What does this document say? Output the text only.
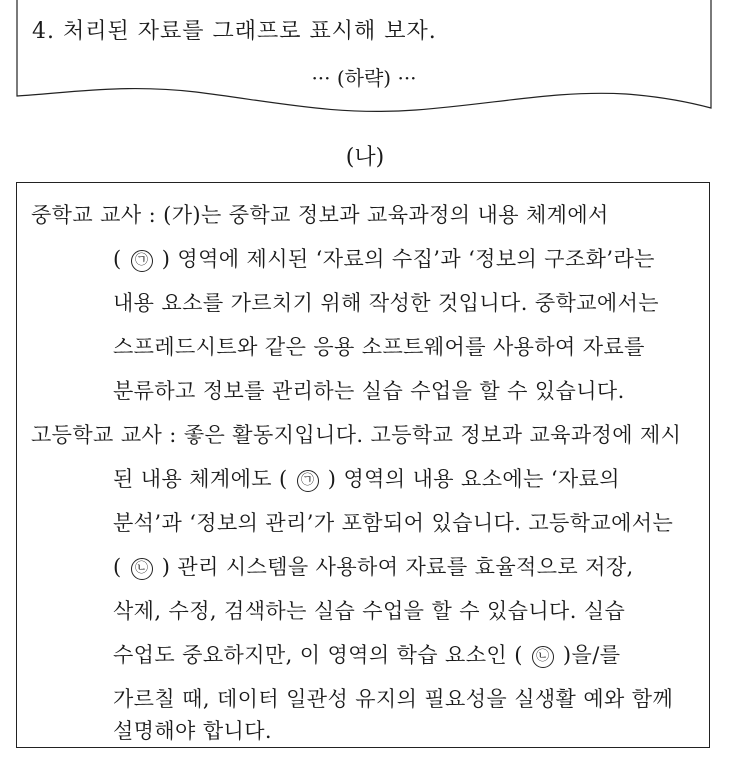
4. 처리된 자료를 그래프로 표시해 보자.
··· (하략) ···
(나)
중학교 교사 : (가)는 중학교 정보과 교육과정의 내용 체계에서
( ㉠ ) 영역에 제시된 ‘자료의 수집’과 ‘정보의 구조화’라는
내용 요소를 가르치기 위해 작성한 것입니다. 중학교에서는
스프레드시트와 같은 응용 소프트웨어를 사용하여 자료를
분류하고 정보를 관리하는 실습 수업을 할 수 있습니다.
고등학교 교사 : 좋은 활동지입니다. 고등학교 정보과 교육과정에 제시
된 내용 체계에도 ( ㉠ ) 영역의 내용 요소에는 ‘자료의
분석’과 ‘정보의 관리’가 포함되어 있습니다. 고등학교에서는
( ㉡ ) 관리 시스템을 사용하여 자료를 효율적으로 저장,
삭제, 수정, 검색하는 실습 수업을 할 수 있습니다. 실습
수업도 중요하지만, 이 영역의 학습 요소인 ( ㉡ )을/를
가르칠 때, 데이터 일관성 유지의 필요성을 실생활 예와 함께
설명해야 합니다.
